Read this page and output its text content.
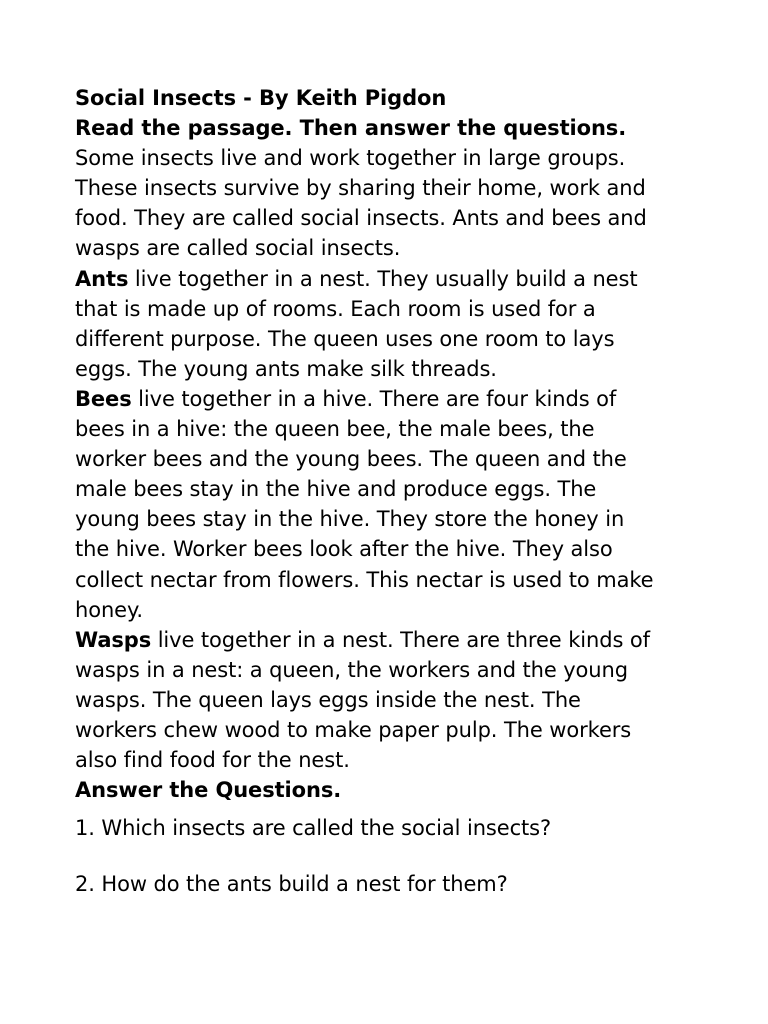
Social Insects - By Keith Pigdon
Read the passage. Then answer the questions.
Some insects live and work together in large groups.
These insects survive by sharing their home, work and
food. They are called social insects. Ants and bees and
wasps are called social insects.
Ants live together in a nest. They usually build a nest
that is made up of rooms. Each room is used for a
different purpose. The queen uses one room to lays
eggs. The young ants make silk threads.
Bees live together in a hive. There are four kinds of
bees in a hive: the queen bee, the male bees, the
worker bees and the young bees. The queen and the
male bees stay in the hive and produce eggs. The
young bees stay in the hive. They store the honey in
the hive. Worker bees look after the hive. They also
collect nectar from flowers. This nectar is used to make
honey.
Wasps live together in a nest. There are three kinds of
wasps in a nest: a queen, the workers and the young
wasps. The queen lays eggs inside the nest. The
workers chew wood to make paper pulp. The workers
also find food for the nest.
Answer the Questions.
1. Which insects are called the social insects?
2. How do the ants build a nest for them?
